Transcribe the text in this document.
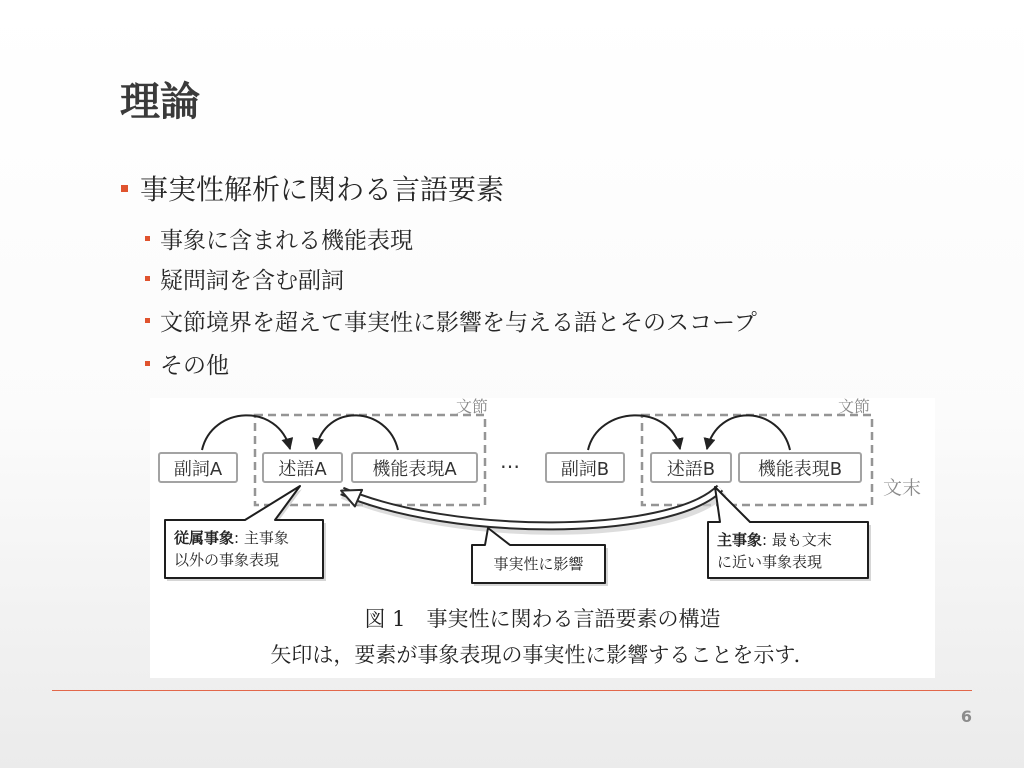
理論
事実性解析に関わる言語要素
事象に含まれる機能表現
疑問詞を含む副詞
文節境界を超えて事実性に影響を与える語とそのスコープ
その他
文節	文節
副詞A	述語A	機能表現A	…	副詞B	述語B	機能表現B
文末
従属事象: 主事象
以外の事象表現	事実性に影響
主事象: 最も文末
に近い事象表現
図 1　事実性に関わる言語要素の構造
矢印は，要素が事象表現の事実性に影響することを示す．
6
